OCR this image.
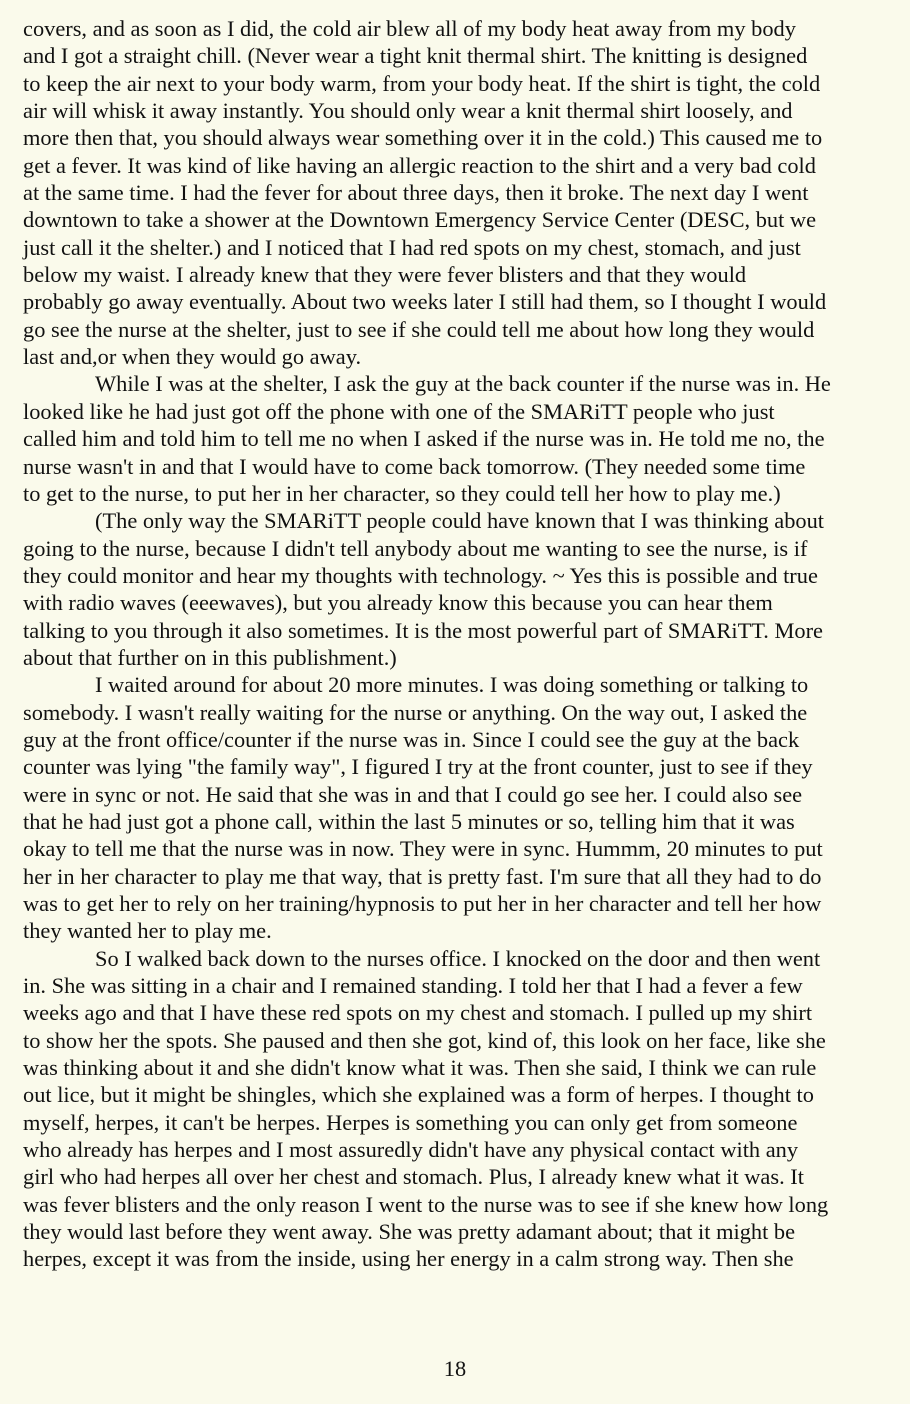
covers, and as soon as I did, the cold air blew all of my body heat away from my body
and I got a straight chill. (Never wear a tight knit thermal shirt. The knitting is designed
to keep the air next to your body warm, from your body heat. If the shirt is tight, the cold
air will whisk it away instantly. You should only wear a knit thermal shirt loosely, and
more then that, you should always wear something over it in the cold.) This caused me to
get a fever. It was kind of like having an allergic reaction to the shirt and a very bad cold
at the same time. I had the fever for about three days, then it broke. The next day I went
downtown to take a shower at the Downtown Emergency Service Center (DESC, but we
just call it the shelter.) and I noticed that I had red spots on my chest, stomach, and just
below my waist. I already knew that they were fever blisters and that they would
probably go away eventually. About two weeks later I still had them, so I thought I would
go see the nurse at the shelter, just to see if she could tell me about how long they would
last and,or when they would go away.
While I was at the shelter, I ask the guy at the back counter if the nurse was in. He
looked like he had just got off the phone with one of the SMARiTT people who just
called him and told him to tell me no when I asked if the nurse was in. He told me no, the
nurse wasn't in and that I would have to come back tomorrow. (They needed some time
to get to the nurse, to put her in her character, so they could tell her how to play me.)
(The only way the SMARiTT people could have known that I was thinking about
going to the nurse, because I didn't tell anybody about me wanting to see the nurse, is if
they could monitor and hear my thoughts with technology. ~ Yes this is possible and true
with radio waves (eeewaves), but you already know this because you can hear them
talking to you through it also sometimes. It is the most powerful part of SMARiTT. More
about that further on in this publishment.)
I waited around for about 20 more minutes. I was doing something or talking to
somebody. I wasn't really waiting for the nurse or anything. On the way out, I asked the
guy at the front office/counter if the nurse was in. Since I could see the guy at the back
counter was lying "the family way", I figured I try at the front counter, just to see if they
were in sync or not. He said that she was in and that I could go see her. I could also see
that he had just got a phone call, within the last 5 minutes or so, telling him that it was
okay to tell me that the nurse was in now. They were in sync. Hummm, 20 minutes to put
her in her character to play me that way, that is pretty fast. I'm sure that all they had to do
was to get her to rely on her training/hypnosis to put her in her character and tell her how
they wanted her to play me.
So I walked back down to the nurses office. I knocked on the door and then went
in. She was sitting in a chair and I remained standing. I told her that I had a fever a few
weeks ago and that I have these red spots on my chest and stomach. I pulled up my shirt
to show her the spots. She paused and then she got, kind of, this look on her face, like she
was thinking about it and she didn't know what it was. Then she said, I think we can rule
out lice, but it might be shingles, which she explained was a form of herpes. I thought to
myself, herpes, it can't be herpes. Herpes is something you can only get from someone
who already has herpes and I most assuredly didn't have any physical contact with any
girl who had herpes all over her chest and stomach. Plus, I already knew what it was. It
was fever blisters and the only reason I went to the nurse was to see if she knew how long
they would last before they went away. She was pretty adamant about; that it might be
herpes, except it was from the inside, using her energy in a calm strong way. Then she
18
